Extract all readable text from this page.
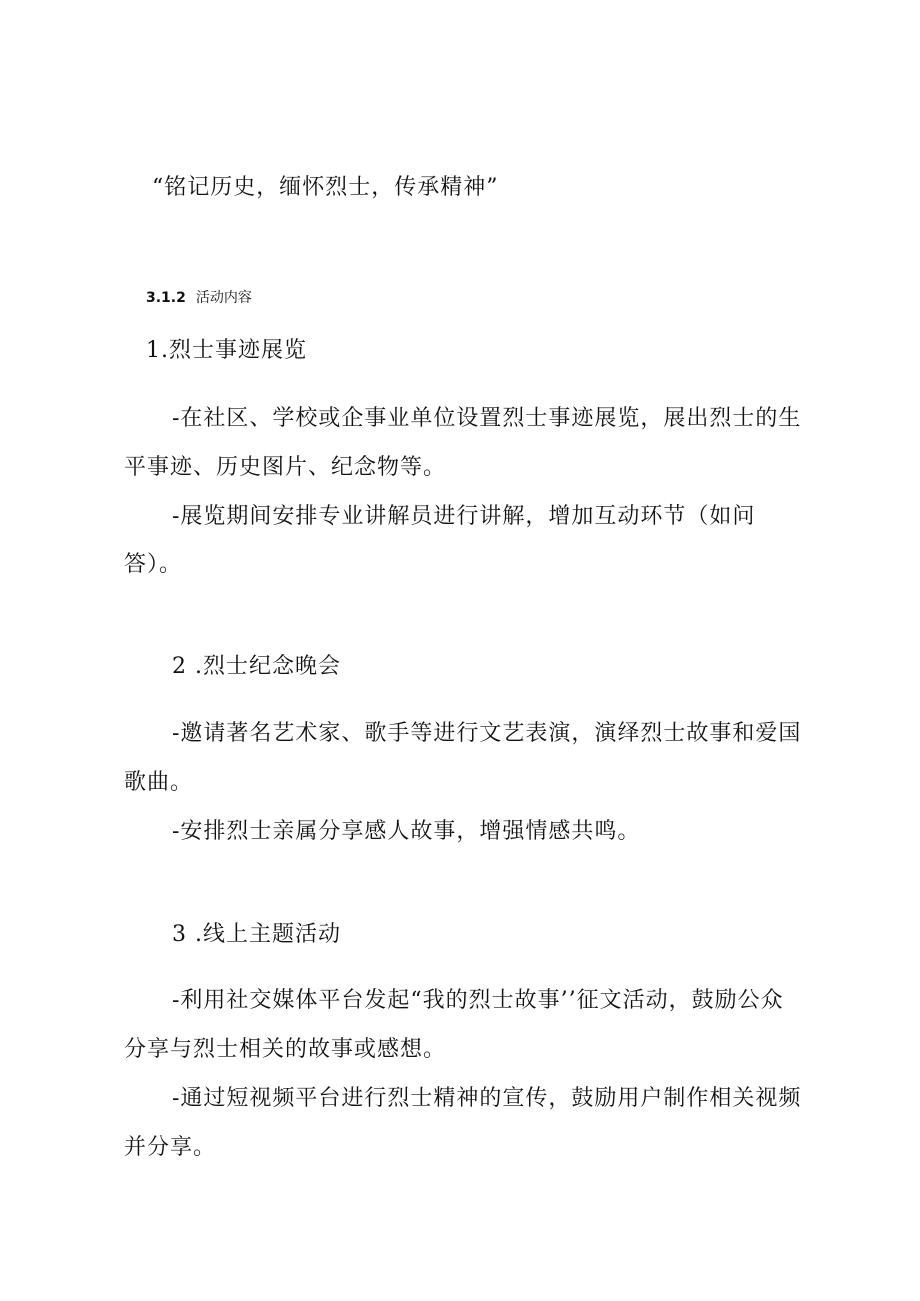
“铭记历史，缅怀烈士，传承精神”
3.1.2 活动内容
1.烈士事迹展览
-在社区、学校或企事业单位设置烈士事迹展览，展出烈士的生
平事迹、历史图片、纪念物等。
-展览期间安排专业讲解员进行讲解，增加互动环节（如问
答）。
2 .烈士纪念晚会
-邀请著名艺术家、歌手等进行文艺表演，演绎烈士故事和爱国
歌曲。
-安排烈士亲属分享感人故事，增强情感共鸣。
3 .线上主题活动
-利用社交媒体平台发起“我的烈士故事’’征文活动，鼓励公众
分享与烈士相关的故事或感想。
-通过短视频平台进行烈士精神的宣传，鼓励用户制作相关视频
并分享。
